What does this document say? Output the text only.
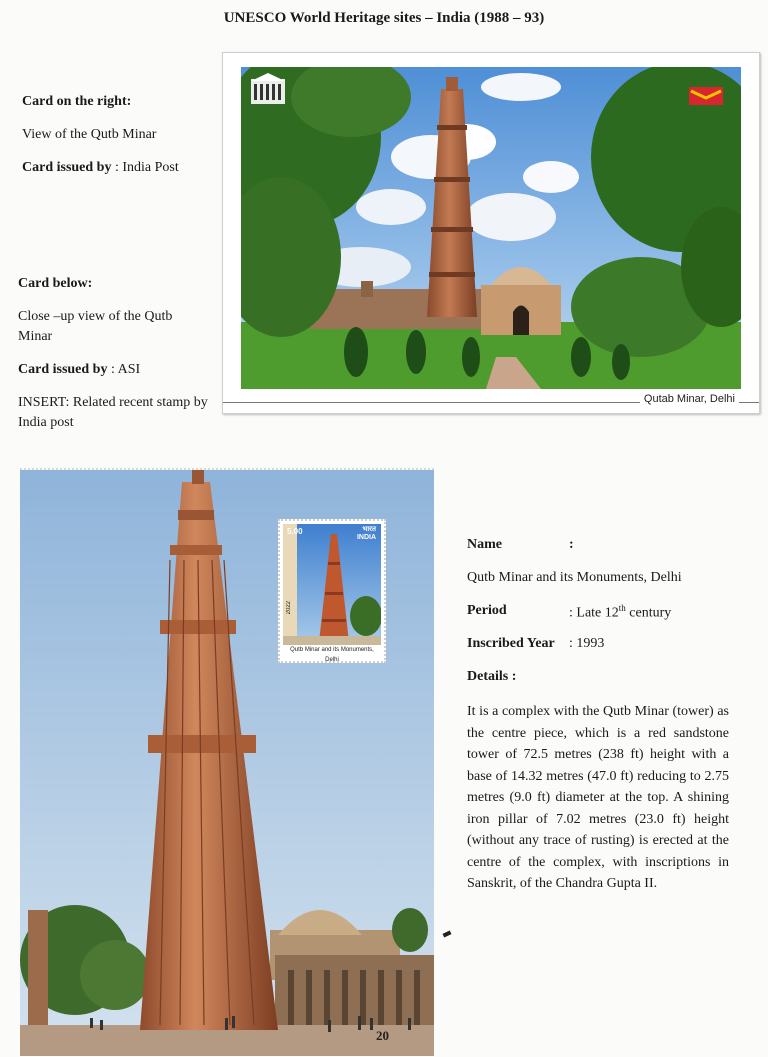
UNESCO World Heritage sites – India (1988 – 93)
Card on the right:
View of the Qutb Minar
Card issued by : India Post
Card below:
Close –up view of the Qutb Minar
Card issued by : ASI
INSERT: Related recent stamp by India post
Qutab Minar, Delhi
5.00	भारत INDIA
2022
Qutb Minar and its Monuments, Delhi
Name	:
Qutb Minar and its Monuments, Delhi
Period	: Late 12th century
Inscribed Year : 1993
Details :
It is a complex with the Qutb Minar (tower) as the centre piece, which is a red sandstone tower of 72.5 metres (238 ft) height with a base of 14.32 metres (47.0 ft) reducing to 2.75 metres (9.0 ft) diameter at the top. A shining iron pillar of 7.02 metres (23.0 ft) height (without any trace of rusting) is erected at the centre of the complex, with inscriptions in Sanskrit, of the Chandra Gupta II.
20
